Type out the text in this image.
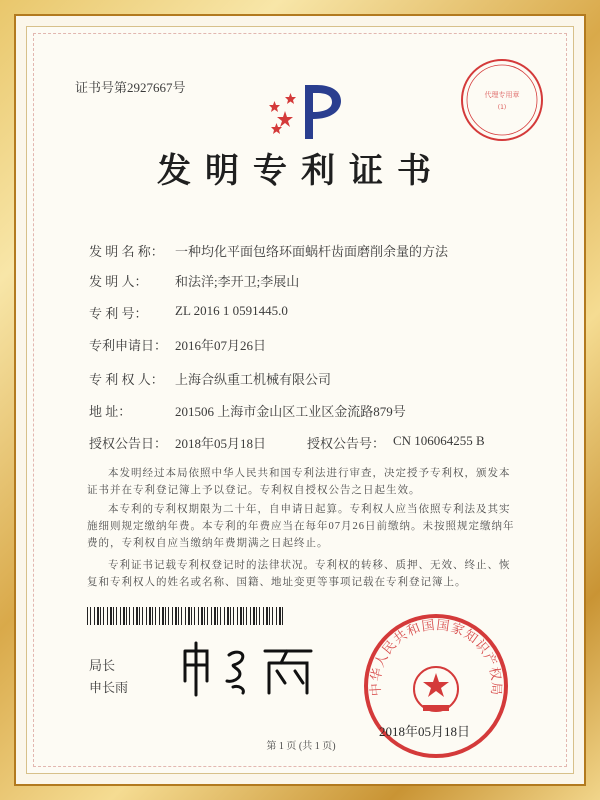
证书号第2927667号	代理专用章
(1)
发明专利证书
发 明 名 称： 一种均化平面包络环面蜗杆齿面磨削余量的方法
发 明 人： 和法洋;李开卫;李展山
专 利 号： ZL 2016 1 0591445.0
专利申请日： 2016年07月26日
专 利 权 人： 上海合纵重工机械有限公司
地 址：	201506 上海市金山区工业区金流路879号
授权公告日： 2018年05月18日	授权公告号： CN 106064255 B
本发明经过本局依照中华人民共和国专利法进行审查，决定授予专利权，颁发本证书并在专利登记簿上予以登记。专利权自授权公告之日起生效。
本专利的专利权期限为二十年，自申请日起算。专利权人应当依照专利法及其实施细则规定缴纳年费。本专利的年费应当在每年07月26日前缴纳。未按照规定缴纳年费的，专利权自应当缴纳年费期满之日起终止。
专利证书记载专利权登记时的法律状况。专利权的转移、质押、无效、终止、恢复和专利权人的姓名或名称、国籍、地址变更等事项记载在专利登记簿上。
局长
申长雨	中华人民共和国国家知识产权局
2018年05月18日
第 1 页 (共 1 页)
